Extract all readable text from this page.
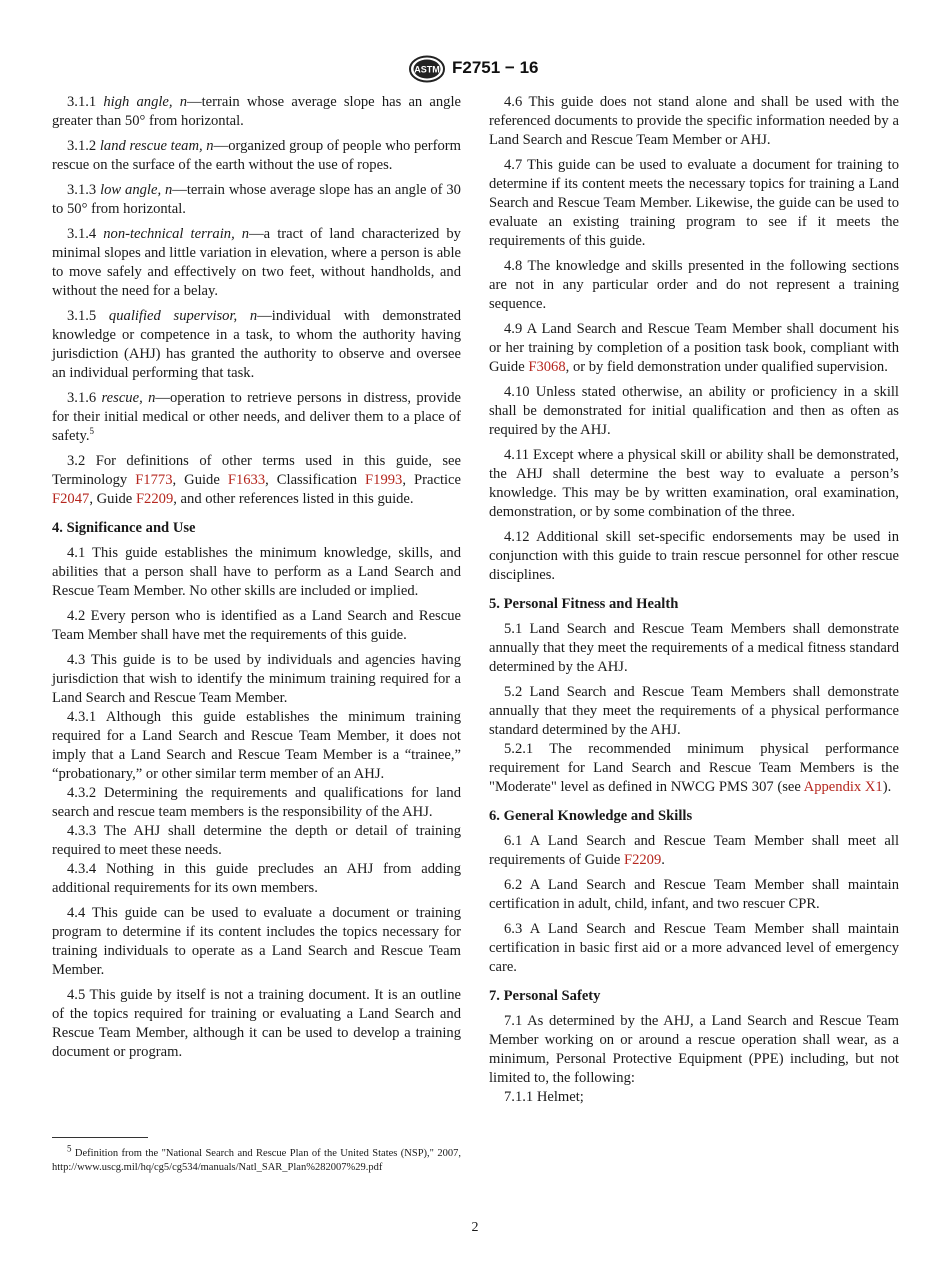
ASTM F2751 − 16

3.1.1 high angle, n—terrain whose average slope has an angle greater than 50° from horizontal.

3.1.2 land rescue team, n—organized group of people who perform rescue on the surface of the earth without the use of ropes.

3.1.3 low angle, n—terrain whose average slope has an angle of 30 to 50° from horizontal.

3.1.4 non-technical terrain, n—a tract of land characterized by minimal slopes and little variation in elevation, where a person is able to move safely and effectively on two feet, without handholds, and without the need for a belay.

3.1.5 qualified supervisor, n—individual with demonstrated knowledge or competence in a task, to whom the authority having jurisdiction (AHJ) has granted the authority to observe and oversee an individual performing that task.

3.1.6 rescue, n—operation to retrieve persons in distress, provide for their initial medical or other needs, and deliver them to a place of safety.$^5$

3.2 For definitions of other terms used in this guide, see Terminology F1773, Guide F1633, Classification F1993, Practice F2047, Guide F2209, and other references listed in this guide.

4. Significance and Use

4.1 This guide establishes the minimum knowledge, skills, and abilities that a person shall have to perform as a Land Search and Rescue Team Member. No other skills are included or implied.

4.2 Every person who is identified as a Land Search and Rescue Team Member shall have met the requirements of this guide.

4.3 This guide is to be used by individuals and agencies having jurisdiction that wish to identify the minimum training required for a Land Search and Rescue Team Member.

4.3.1 Although this guide establishes the minimum training required for a Land Search and Rescue Team Member, it does not imply that a Land Search and Rescue Team Member is a “trainee,” “probationary,” or other similar term member of an AHJ.

4.3.2 Determining the requirements and qualifications for land search and rescue team members is the responsibility of the AHJ.

4.3.3 The AHJ shall determine the depth or detail of training required to meet these needs.

4.3.4 Nothing in this guide precludes an AHJ from adding additional requirements for its own members.

4.4 This guide can be used to evaluate a document or training program to determine if its content includes the topics necessary for training individuals to operate as a Land Search and Rescue Team Member.

4.5 This guide by itself is not a training document. It is an outline of the topics required for training or evaluating a Land Search and Rescue Team Member, although it can be used to develop a training document or program.

4.6 This guide does not stand alone and shall be used with the referenced documents to provide the specific information needed by a Land Search and Rescue Team Member or AHJ.

4.7 This guide can be used to evaluate a document for training to determine if its content meets the necessary topics for training a Land Search and Rescue Team Member. Likewise, the guide can be used to evaluate an existing training program to see if it meets the requirements of this guide.

4.8 The knowledge and skills presented in the following sections are not in any particular order and do not represent a training sequence.

4.9 A Land Search and Rescue Team Member shall document his or her training by completion of a position task book, compliant with Guide F3068, or by field demonstration under qualified supervision.

4.10 Unless stated otherwise, an ability or proficiency in a skill shall be demonstrated for initial qualification and then as often as required by the AHJ.

4.11 Except where a physical skill or ability shall be demonstrated, the AHJ shall determine the best way to evaluate a person’s knowledge. This may be by written examination, oral examination, demonstration, or by some combination of the three.

4.12 Additional skill set-specific endorsements may be used in conjunction with this guide to train rescue personnel for other rescue disciplines.

5. Personal Fitness and Health

5.1 Land Search and Rescue Team Members shall demonstrate annually that they meet the requirements of a medical fitness standard determined by the AHJ.

5.2 Land Search and Rescue Team Members shall demonstrate annually that they meet the requirements of a physical performance standard determined by the AHJ.

5.2.1 The recommended minimum physical performance requirement for Land Search and Rescue Team Members is the "Moderate" level as defined in NWCG PMS 307 (see Appendix X1).

6. General Knowledge and Skills

6.1 A Land Search and Rescue Team Member shall meet all requirements of Guide F2209.

6.2 A Land Search and Rescue Team Member shall maintain certification in adult, child, infant, and two rescuer CPR.

6.3 A Land Search and Rescue Team Member shall maintain certification in basic first aid or a more advanced level of emergency care.

7. Personal Safety

7.1 As determined by the AHJ, a Land Search and Rescue Team Member working on or around a rescue operation shall wear, as a minimum, Personal Protective Equipment (PPE) including, but not limited to, the following:

7.1.1 Helmet;

$^5$ Definition from the "National Search and Rescue Plan of the United States (NSP)," 2007, http://www.uscg.mil/hq/cg5/cg534/manuals/Natl_SAR_Plan%282007%29.pdf
2
